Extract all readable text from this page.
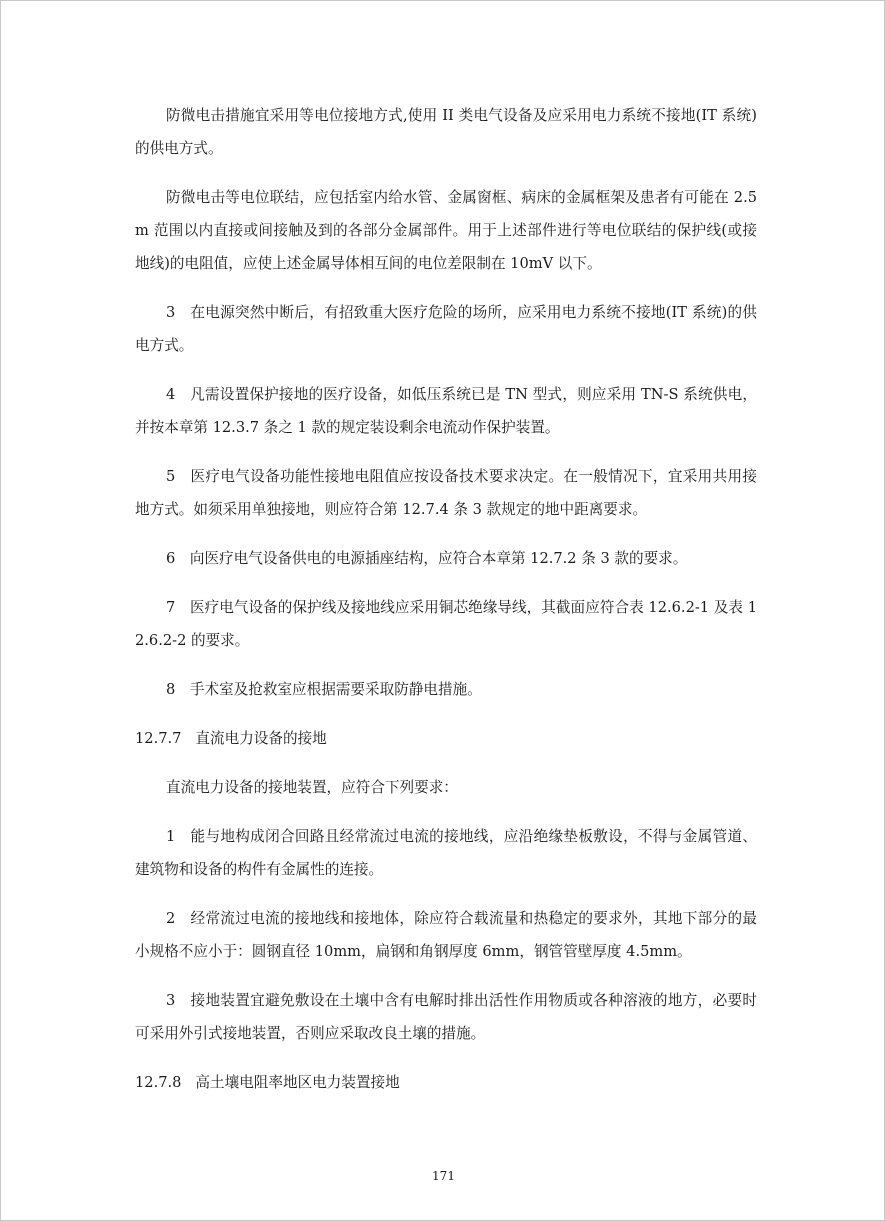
防微电击措施宜采用等电位接地方式,使用 II 类电气设备及应采用电力系统不接地(IT 系统)的供电方式。

防微电击等电位联结，应包括室内给水管、金属窗框、病床的金属框架及患者有可能在 2.5m 范围以内直接或间接触及到的各部分金属部件。用于上述部件进行等电位联结的保护线(或接地线)的电阻值，应使上述金属导体相互间的电位差限制在 10mV 以下。

3　在电源突然中断后，有招致重大医疗危险的场所，应采用电力系统不接地(IT 系统)的供电方式。

4　凡需设置保护接地的医疗设备，如低压系统已是 TN 型式，则应采用 TN-S 系统供电，并按本章第 12.3.7 条之 1 款的规定装设剩余电流动作保护装置。

5　医疗电气设备功能性接地电阻值应按设备技术要求决定。在一般情况下，宜采用共用接地方式。如须采用单独接地，则应符合第 12.7.4 条 3 款规定的地中距离要求。

6　向医疗电气设备供电的电源插座结构，应符合本章第 12.7.2 条 3 款的要求。

7　医疗电气设备的保护线及接地线应采用铜芯绝缘导线，其截面应符合表 12.6.2-1 及表 12.6.2-2 的要求。

8　手术室及抢救室应根据需要采取防静电措施。

12.7.7 直流电力设备的接地

直流电力设备的接地装置，应符合下列要求：

1　能与地构成闭合回路且经常流过电流的接地线，应沿绝缘垫板敷设，不得与金属管道、建筑物和设备的构件有金属性的连接。

2　经常流过电流的接地线和接地体，除应符合载流量和热稳定的要求外，其地下部分的最小规格不应小于：圆钢直径 10mm，扁钢和角钢厚度 6mm，钢管管壁厚度 4.5mm。

3　接地装置宜避免敷设在土壤中含有电解时排出活性作用物质或各种溶液的地方，必要时可采用外引式接地装置，否则应采取改良土壤的措施。

12.7.8 高土壤电阻率地区电力装置接地
171
